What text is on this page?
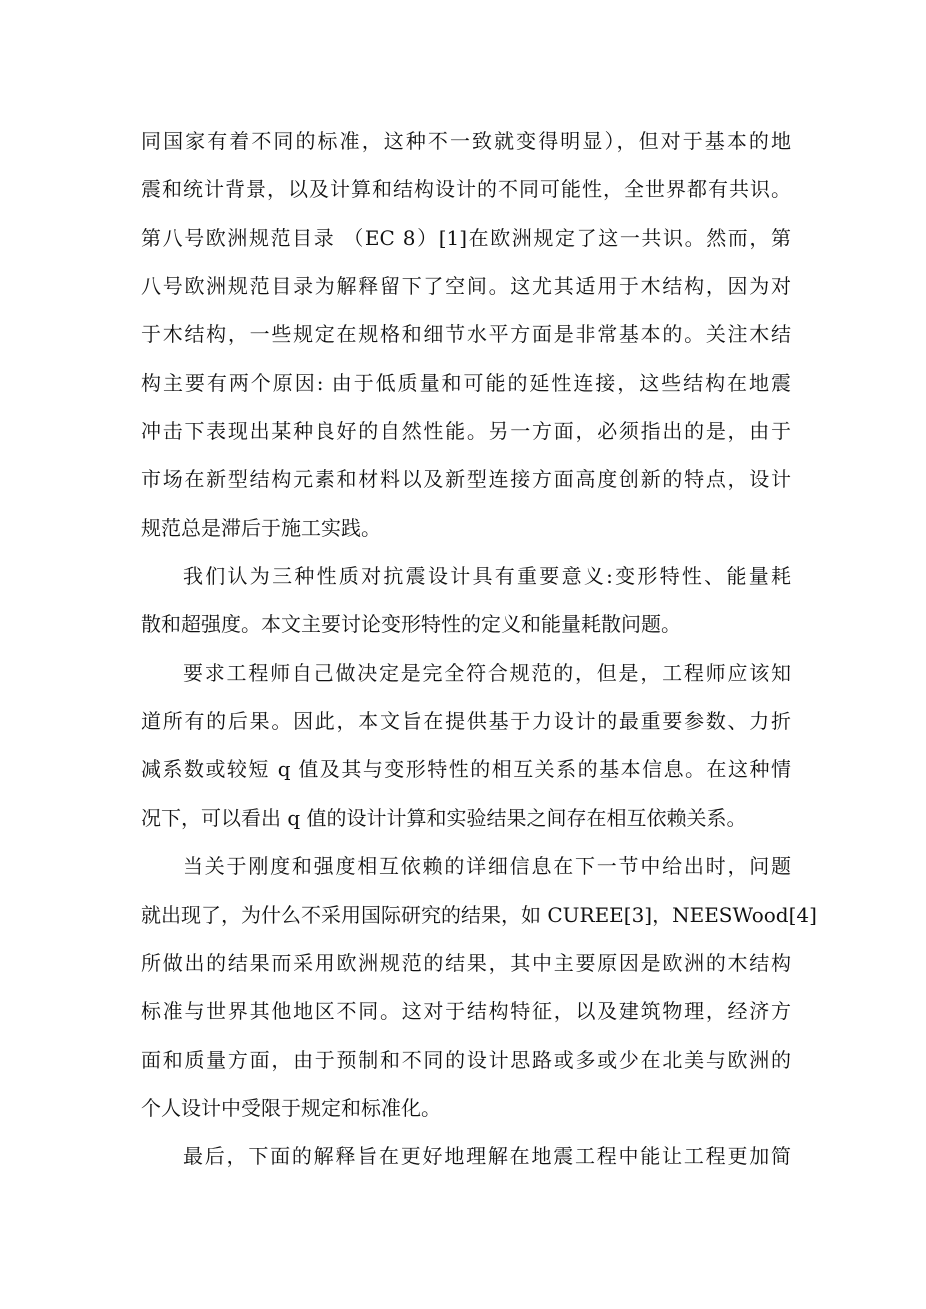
同国家有着不同的标准，这种不一致就变得明显），但对于基本的地
震和统计背景，以及计算和结构设计的不同可能性，全世界都有共识。
第八号欧洲规范目录 （EC 8）[1]在欧洲规定了这一共识。然而，第
八号欧洲规范目录为解释留下了空间。这尤其适用于木结构，因为对
于木结构，一些规定在规格和细节水平方面是非常基本的。关注木结
构主要有两个原因: 由于低质量和可能的延性连接，这些结构在地震
冲击下表现出某种良好的自然性能。另一方面，必须指出的是，由于
市场在新型结构元素和材料以及新型连接方面高度创新的特点，设计
规范总是滞后于施工实践。
我们认为三种性质对抗震设计具有重要意义:变形特性、能量耗
散和超强度。本文主要讨论变形特性的定义和能量耗散问题。
要求工程师自己做决定是完全符合规范的，但是，工程师应该知
道所有的后果。因此，本文旨在提供基于力设计的最重要参数、力折
减系数或较短 q 值及其与变形特性的相互关系的基本信息。在这种情
况下，可以看出 q 值的设计计算和实验结果之间存在相互依赖关系。
当关于刚度和强度相互依赖的详细信息在下一节中给出时，问题
就出现了，为什么不采用国际研究的结果，如 CUREE[3]，NEESWood[4]
所做出的结果而采用欧洲规范的结果，其中主要原因是欧洲的木结构
标准与世界其他地区不同。这对于结构特征，以及建筑物理，经济方
面和质量方面，由于预制和不同的设计思路或多或少在北美与欧洲的
个人设计中受限于规定和标准化。
最后，下面的解释旨在更好地理解在地震工程中能让工程更加简
